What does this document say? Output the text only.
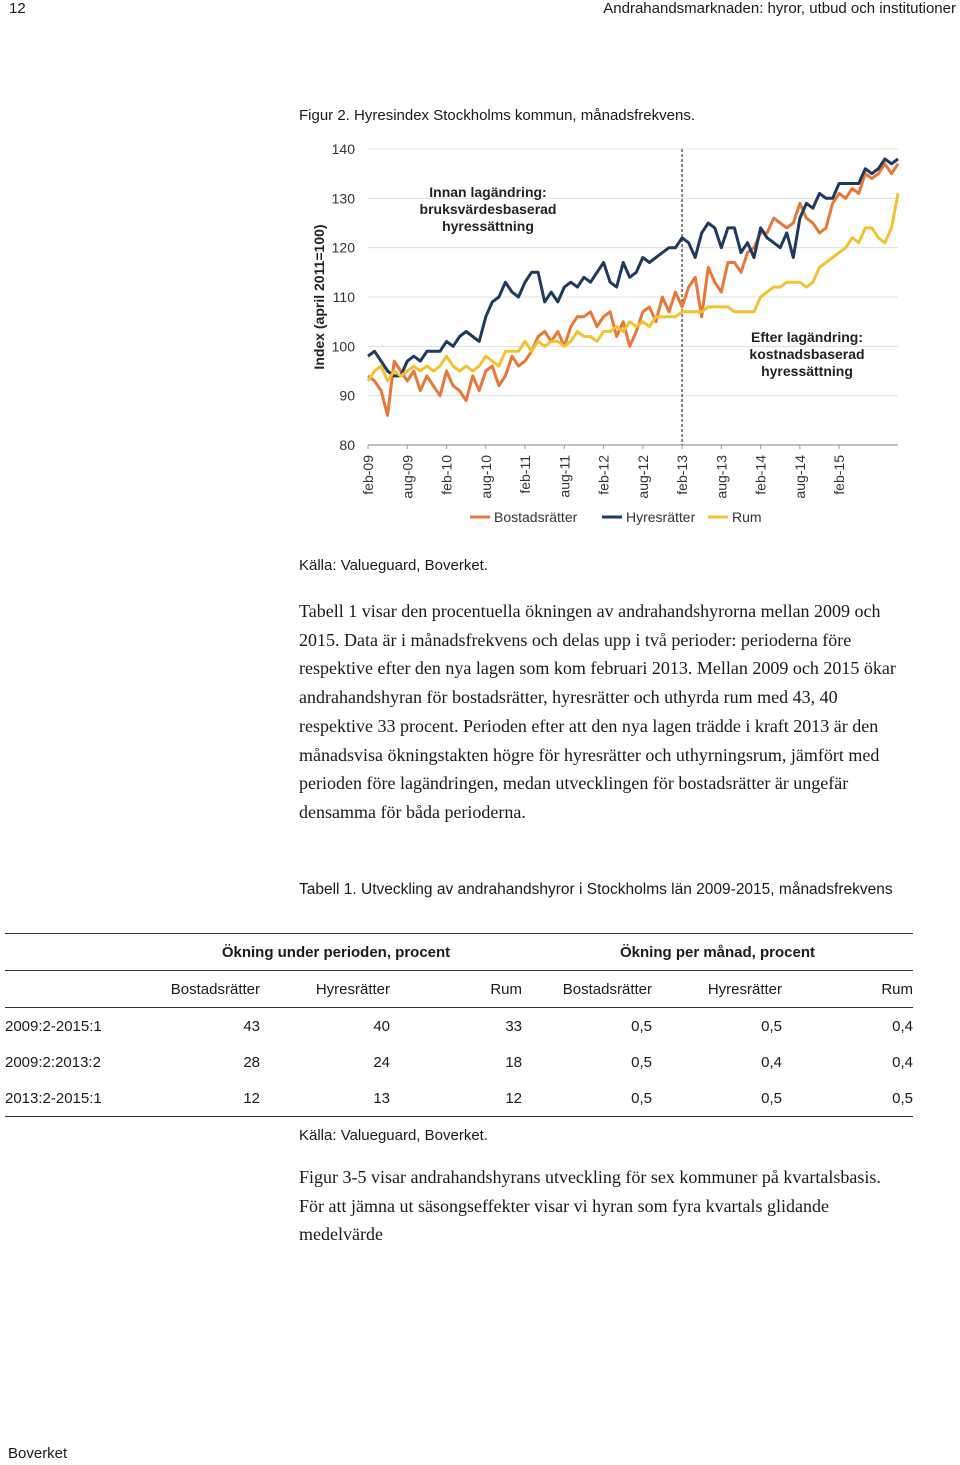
12	Andrahandsmarknaden: hyror, utbud och institutioner
Figur 2. Hyresindex Stockholms kommun, månadsfrekvens.
80
90
100
110
120
130
140
Index (april 2011=100)
feb-09 aug-09 feb-10 aug-10 feb-11 aug-11 feb-12 aug-12 feb-13 aug-13 feb-14 aug-14 feb-15
Innan lagändring:
bruksvärdesbaserad
hyressättning
Efter lagändring:
kostnadsbaserad
hyressättning
Bostadsrätter	Hyresrätter	Rum
Källa: Valueguard, Boverket.
Tabell 1 visar den procentuella ökningen av andrahandshyrorna mellan 2009 och 2015. Data är i månadsfrekvens och delas upp i två perioder: perioderna före respektive efter den nya lagen som kom februari 2013. Mellan 2009 och 2015 ökar andrahandshyran för bostadsrätter, hyresrätter och uthyrda rum med 43, 40 respektive 33 procent. Perioden efter att den nya lagen trädde i kraft 2013 är den månadsvisa ökningstakten högre för hyresrätter och uthyrningsrum, jämfört med perioden före lagändringen, medan utvecklingen för bostadsrätter är ungefär densamma för båda perioderna.
Tabell 1. Utveckling av andrahandshyror i Stockholms län 2009-2015, månadsfrekvens
	Ökning under perioden, procent			Ökning per månad, procent		
	Bostadsrätter	Hyresrätter	Rum	Bostadsrätter	Hyresrätter	Rum
2009:2-2015:1	43	40	33	0,5	0,5	0,4
2009:2:2013:2	28	24	18	0,5	0,4	0,4
2013:2-2015:1	12	13	12	0,5	0,5	0,5
Källa: Valueguard, Boverket.
Figur 3-5 visar andrahandshyrans utveckling för sex kommuner på kvartalsbasis. För att jämna ut säsongseffekter visar vi hyran som fyra kvartals glidande medelvärde
Boverket
